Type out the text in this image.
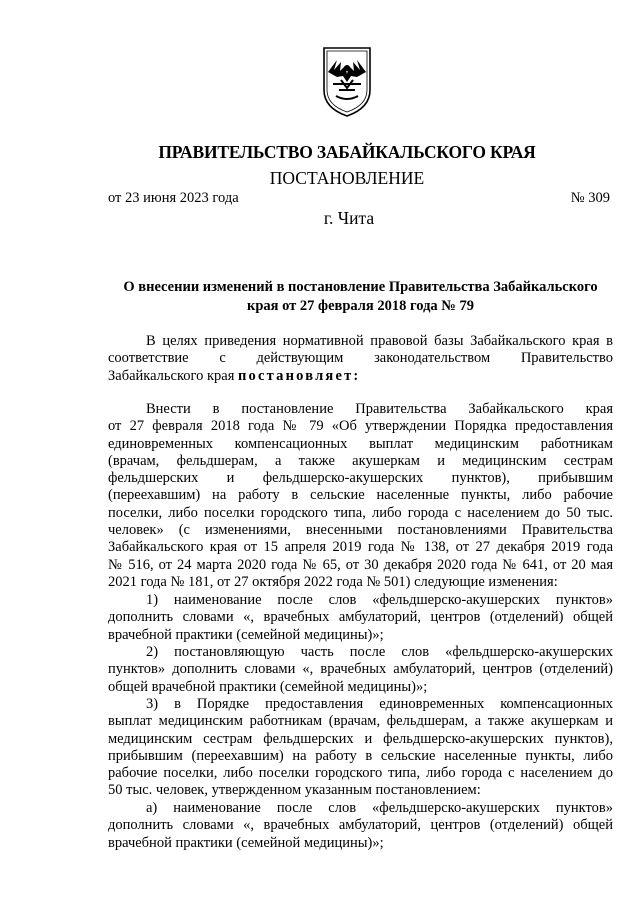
ПРАВИТЕЛЬСТВО ЗАБАЙКАЛЬСКОГО КРАЯ
ПОСТАНОВЛЕНИЕ
от 23 июня 2023 года	№ 309
г. Чита
О внесении изменений в постановление Правительства Забайкальского
края от 27 февраля 2018 года № 79
В целях приведения нормативной правовой базы Забайкальского края в
соответствие с действующим законодательством Правительство
Забайкальского края постановляет:
Внести в постановление Правительства Забайкальского края
от 27 февраля 2018 года № 79 «Об утверждении Порядка предоставления
единовременных компенсационных выплат медицинским работникам
(врачам, фельдшерам, а также акушеркам и медицинским сестрам
фельдшерских и фельдшерско-акушерских пунктов), прибывшим
(переехавшим) на работу в сельские населенные пункты, либо рабочие
поселки, либо поселки городского типа, либо города с населением до 50 тыс.
человек» (с изменениями, внесенными постановлениями Правительства
Забайкальского края от 15 апреля 2019 года № 138, от 27 декабря 2019 года
№ 516, от 24 марта 2020 года № 65, от 30 декабря 2020 года № 641, от 20 мая
2021 года № 181, от 27 октября 2022 года № 501) следующие изменения:
1) наименование после слов «фельдшерско-акушерских пунктов»
дополнить словами «, врачебных амбулаторий, центров (отделений) общей
врачебной практики (семейной медицины)»;
2) постановляющую часть после слов «фельдшерско-акушерских
пунктов» дополнить словами «, врачебных амбулаторий, центров (отделений)
общей врачебной практики (семейной медицины)»;
3) в Порядке предоставления единовременных компенсационных
выплат медицинским работникам (врачам, фельдшерам, а также акушеркам и
медицинским сестрам фельдшерских и фельдшерско-акушерских пунктов),
прибывшим (переехавшим) на работу в сельские населенные пункты, либо
рабочие поселки, либо поселки городского типа, либо города с населением до
50 тыс. человек, утвержденном указанным постановлением:
а) наименование после слов «фельдшерско-акушерских пунктов»
дополнить словами «, врачебных амбулаторий, центров (отделений) общей
врачебной практики (семейной медицины)»;
